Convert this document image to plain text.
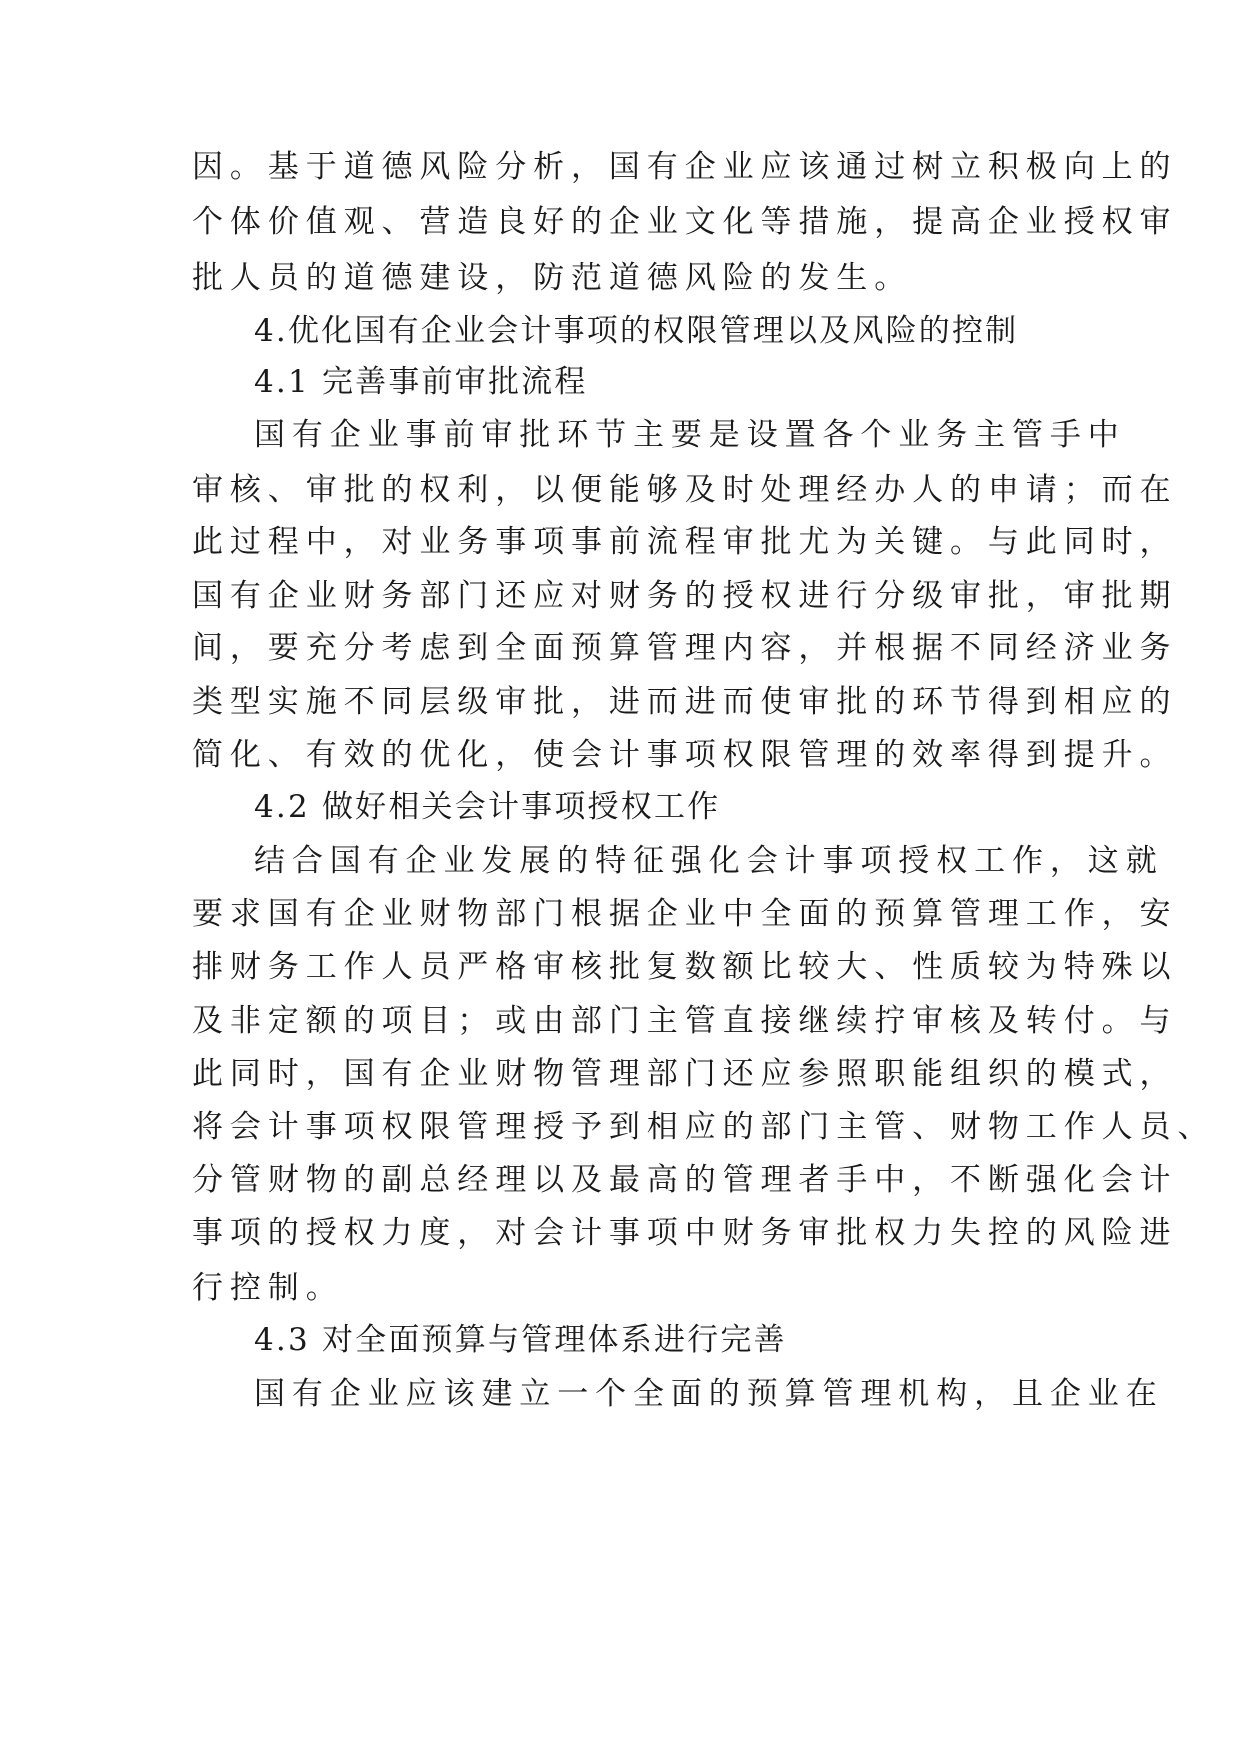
因。基于道德风险分析，国有企业应该通过树立积极向上的
个体价值观、营造良好的企业文化等措施，提高企业授权审
批人员的道德建设，防范道德风险的发生。
4.优化国有企业会计事项的权限管理以及风险的控制
4.1 完善事前审批流程
国有企业事前审批环节主要是设置各个业务主管手中
审核、审批的权利，以便能够及时处理经办人的申请；而在
此过程中，对业务事项事前流程审批尤为关键。与此同时，
国有企业财务部门还应对财务的授权进行分级审批，审批期
间，要充分考虑到全面预算管理内容，并根据不同经济业务
类型实施不同层级审批，进而进而使审批的环节得到相应的
简化、有效的优化，使会计事项权限管理的效率得到提升。
4.2 做好相关会计事项授权工作
结合国有企业发展的特征强化会计事项授权工作，这就
要求国有企业财物部门根据企业中全面的预算管理工作，安
排财务工作人员严格审核批复数额比较大、性质较为特殊以
及非定额的项目；或由部门主管直接继续拧审核及转付。与
此同时，国有企业财物管理部门还应参照职能组织的模式，
将会计事项权限管理授予到相应的部门主管、财物工作人员、
分管财物的副总经理以及最高的管理者手中，不断强化会计
事项的授权力度，对会计事项中财务审批权力失控的风险进
行控制。
4.3 对全面预算与管理体系进行完善
国有企业应该建立一个全面的预算管理机构，且企业在
